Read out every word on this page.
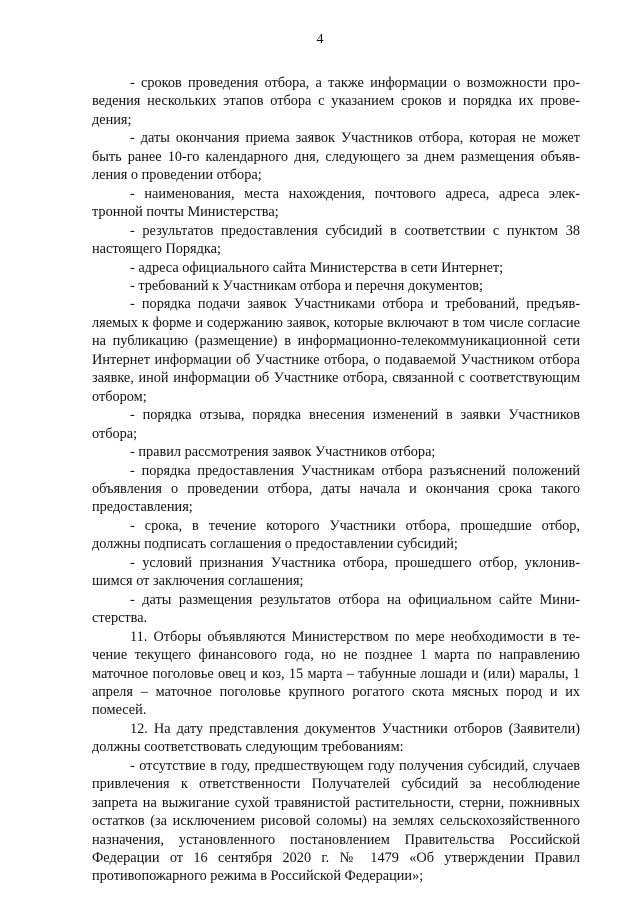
4

- сроков проведения отбора, а также информации о возможности проведения нескольких этапов отбора с указанием сроков и порядка их проведения;

- даты окончания приема заявок Участников отбора, которая не может быть ранее 10-го календарного дня, следующего за днем размещения объявления о проведении отбора;

- наименования, места нахождения, почтового адреса, адреса электронной почты Министерства;

- результатов предоставления субсидий в соответствии с пунктом 38 настоящего Порядка;

- адреса официального сайта Министерства в сети Интернет;

- требований к Участникам отбора и перечня документов;

- порядка подачи заявок Участниками отбора и требований, предъявляемых к форме и содержанию заявок, которые включают в том числе согласие на публикацию (размещение) в информационно-телекоммуникационной сети Интернет информации об Участнике отбора, о подаваемой Участником отбора заявке, иной информации об Участнике отбора, связанной с соответствующим отбором;

- порядка отзыва, порядка внесения изменений в заявки Участников отбора;

- правил рассмотрения заявок Участников отбора;

- порядка предоставления Участникам отбора разъяснений положений объявления о проведении отбора, даты начала и окончания срока такого предоставления;

- срока, в течение которого Участники отбора, прошедшие отбор, должны подписать соглашения о предоставлении субсидий;

- условий признания Участника отбора, прошедшего отбор, уклонившимся от заключения соглашения;

- даты размещения результатов отбора на официальном сайте Министерства.

11. Отборы объявляются Министерством по мере необходимости в течение текущего финансового года, но не позднее 1 марта по направлению маточное поголовье овец и коз, 15 марта – табунные лошади и (или) маралы, 1 апреля – маточное поголовье крупного рогатого скота мясных пород и их помесей.

12. На дату представления документов Участники отборов (Заявители) должны соответствовать следующим требованиям:

- отсутствие в году, предшествующем году получения субсидий, случаев привлечения к ответственности Получателей субсидий за несоблюдение запрета на выжигание сухой травянистой растительности, стерни, пожнивных остатков (за исключением рисовой соломы) на землях сельскохозяйственного назначения, установленного постановлением Правительства Российской Федерации от 16 сентября 2020 г. № 1479 «Об утверждении Правил противопожарного режима в Российской Федерации»;
